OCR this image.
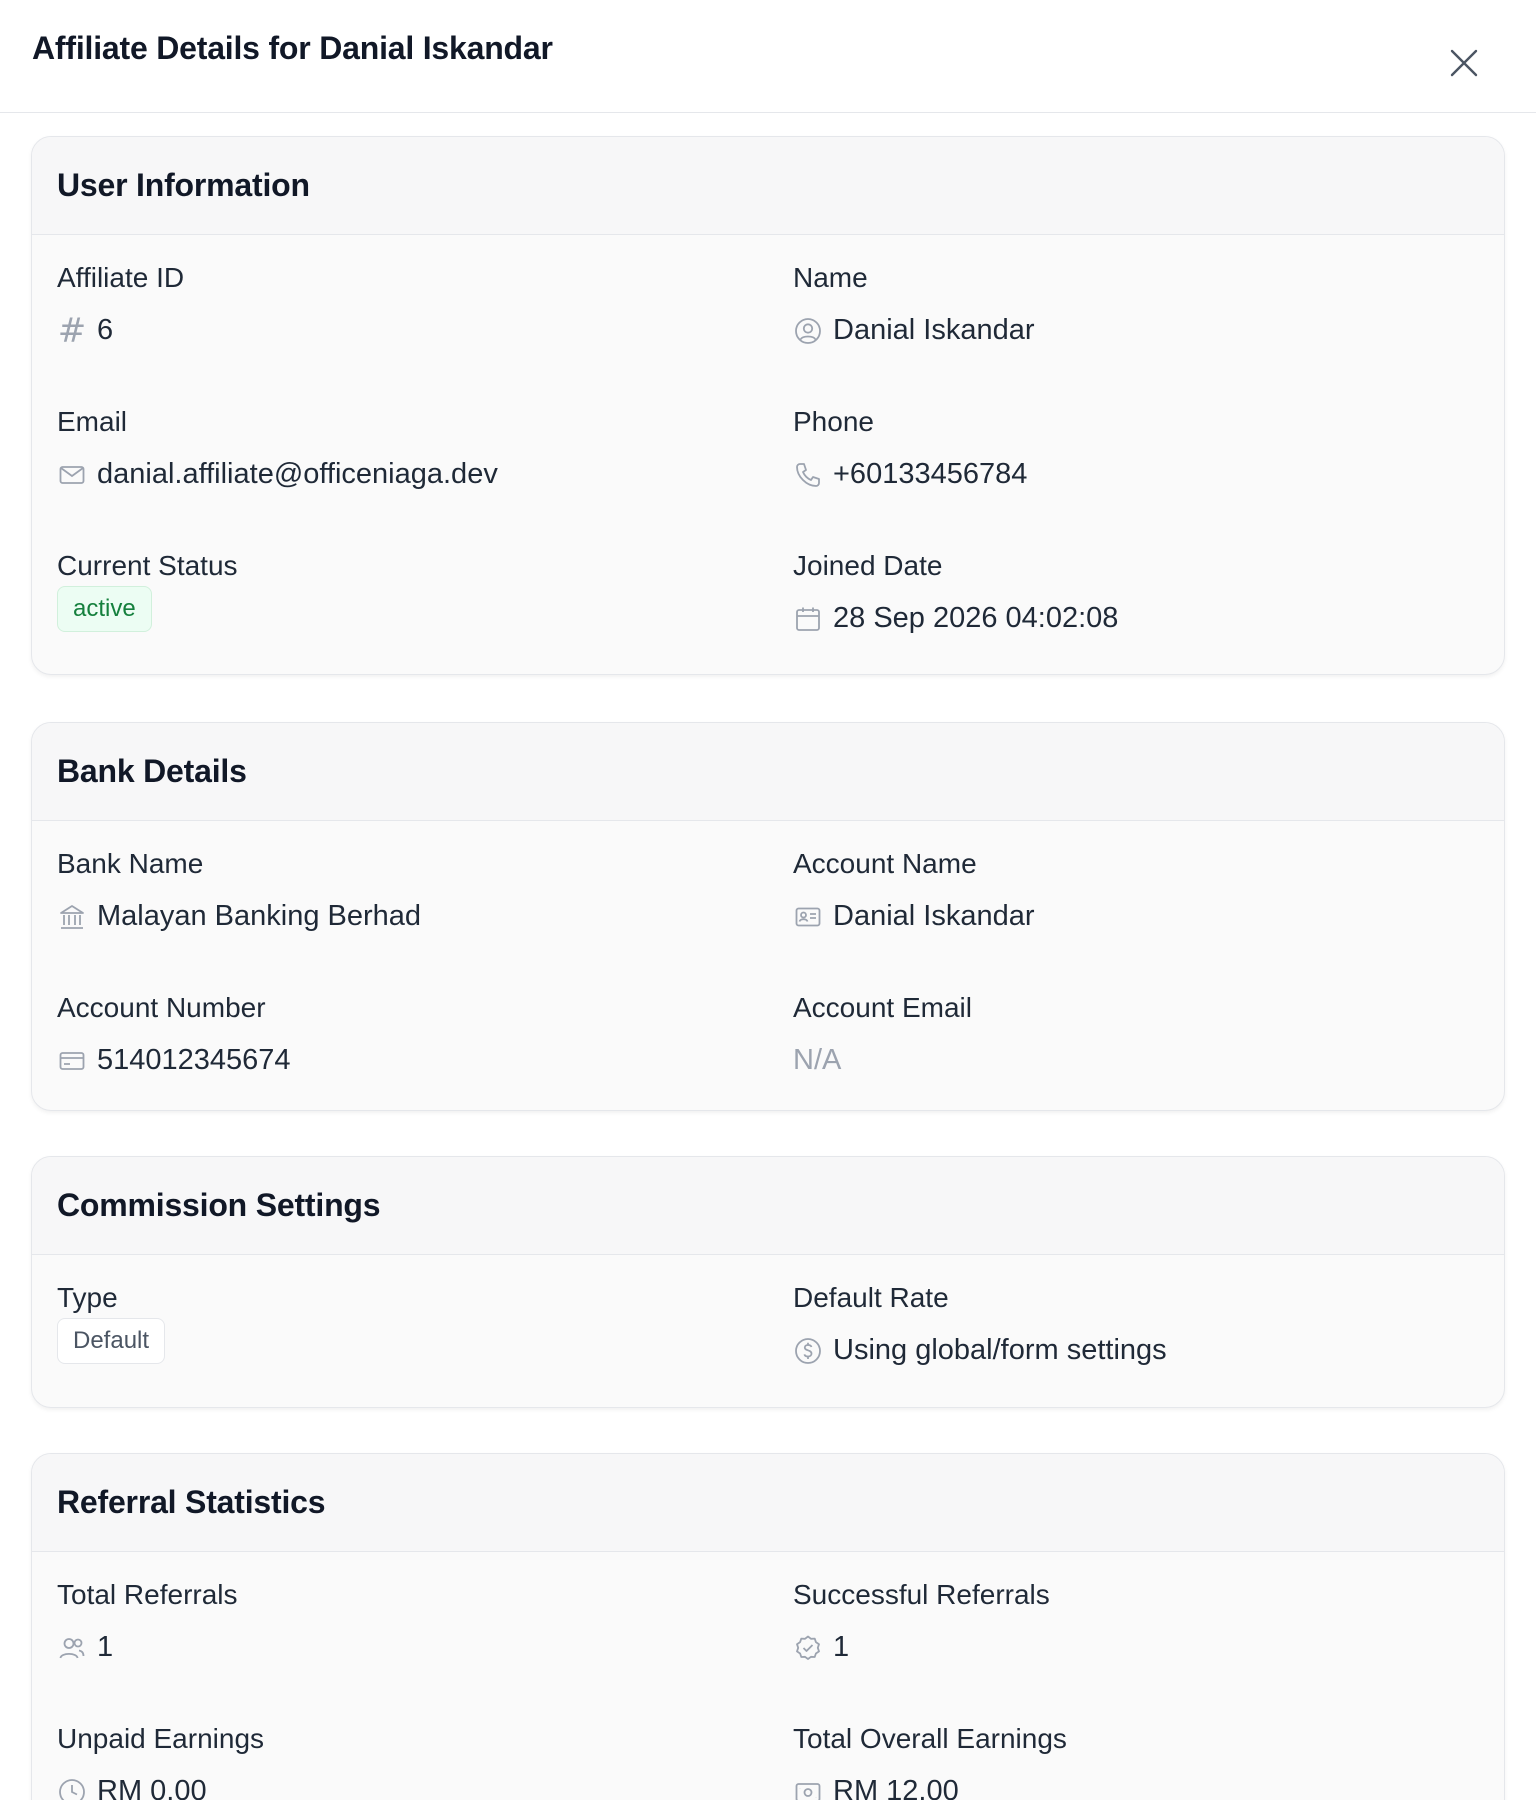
Affiliate Details for Danial Iskandar
User Information
Affiliate ID
# 6
Name
Danial Iskandar
Email
danial.affiliate@officeniaga.dev
Phone
+60133456784
Current Status
active
Joined Date
28 Sep 2026 04:02:08
Bank Details
Bank Name
Malayan Banking Berhad
Account Name
Danial Iskandar
Account Number
514012345674
Account Email
N/A
Commission Settings
Type
Default
Default Rate
Using global/form settings
Referral Statistics
Total Referrals
1
Successful Referrals
1
Unpaid Earnings
RM 0.00
Total Overall Earnings
RM 12.00
